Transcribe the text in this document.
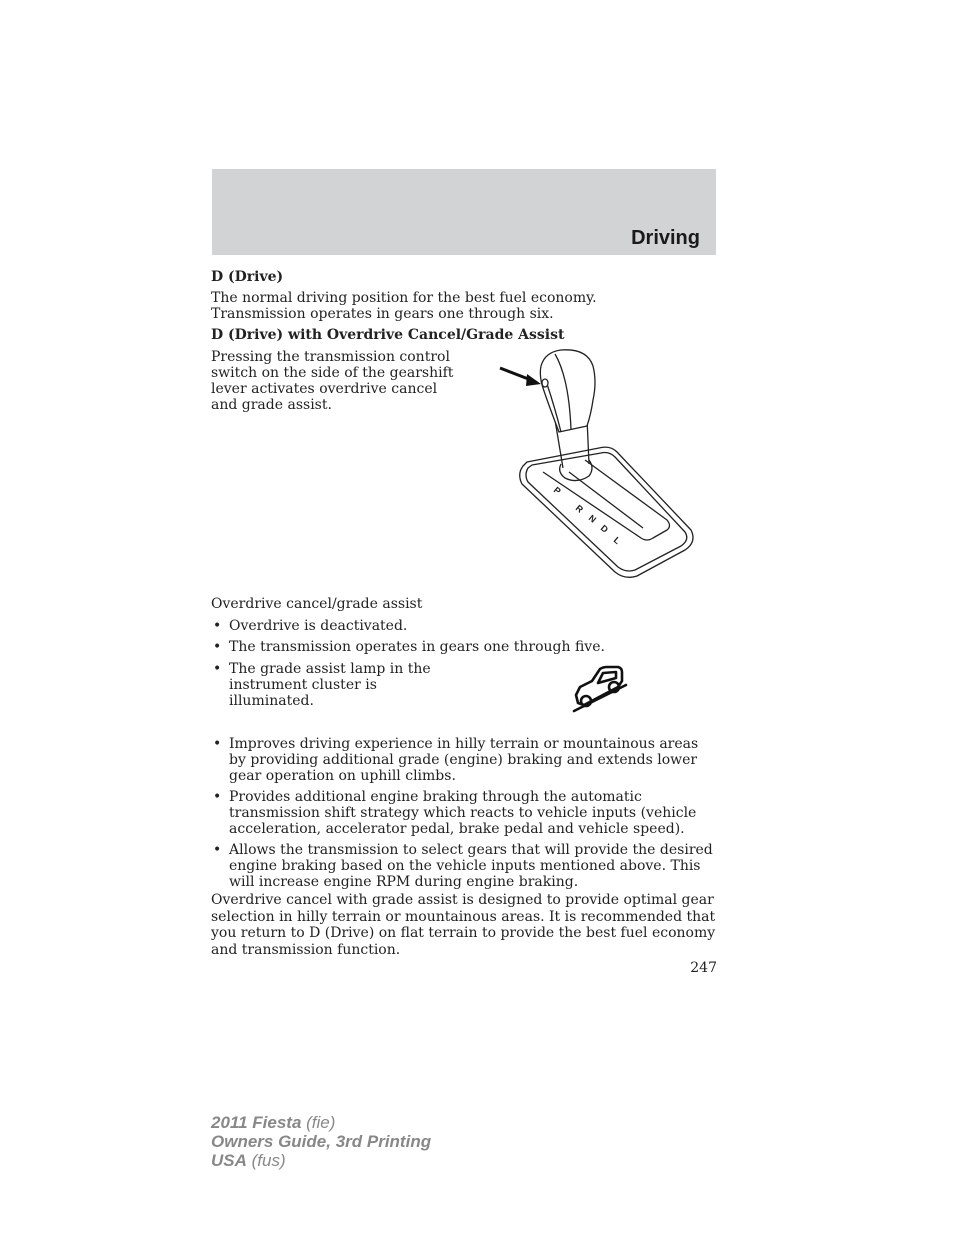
Driving

D (Drive)

The normal driving position for the best fuel economy. Transmission operates in gears one through six.

D (Drive) with Overdrive Cancel/Grade Assist

Pressing the transmission control switch on the side of the gearshift lever activates overdrive cancel and grade assist.

Overdrive cancel/grade assist

• Overdrive is deactivated.
• The transmission operates in gears one through five.
• The grade assist lamp in the instrument cluster is illuminated.
• Improves driving experience in hilly terrain or mountainous areas by providing additional grade (engine) braking and extends lower gear operation on uphill climbs.
• Provides additional engine braking through the automatic transmission shift strategy which reacts to vehicle inputs (vehicle acceleration, accelerator pedal, brake pedal and vehicle speed).
• Allows the transmission to select gears that will provide the desired engine braking based on the vehicle inputs mentioned above. This will increase engine RPM during engine braking.

Overdrive cancel with grade assist is designed to provide optimal gear selection in hilly terrain or mountainous areas. It is recommended that you return to D (Drive) on flat terrain to provide the best fuel economy and transmission function.

247
P
R
N
D
L
2011 Fiesta (fie)
Owners Guide, 3rd Printing
USA (fus)
